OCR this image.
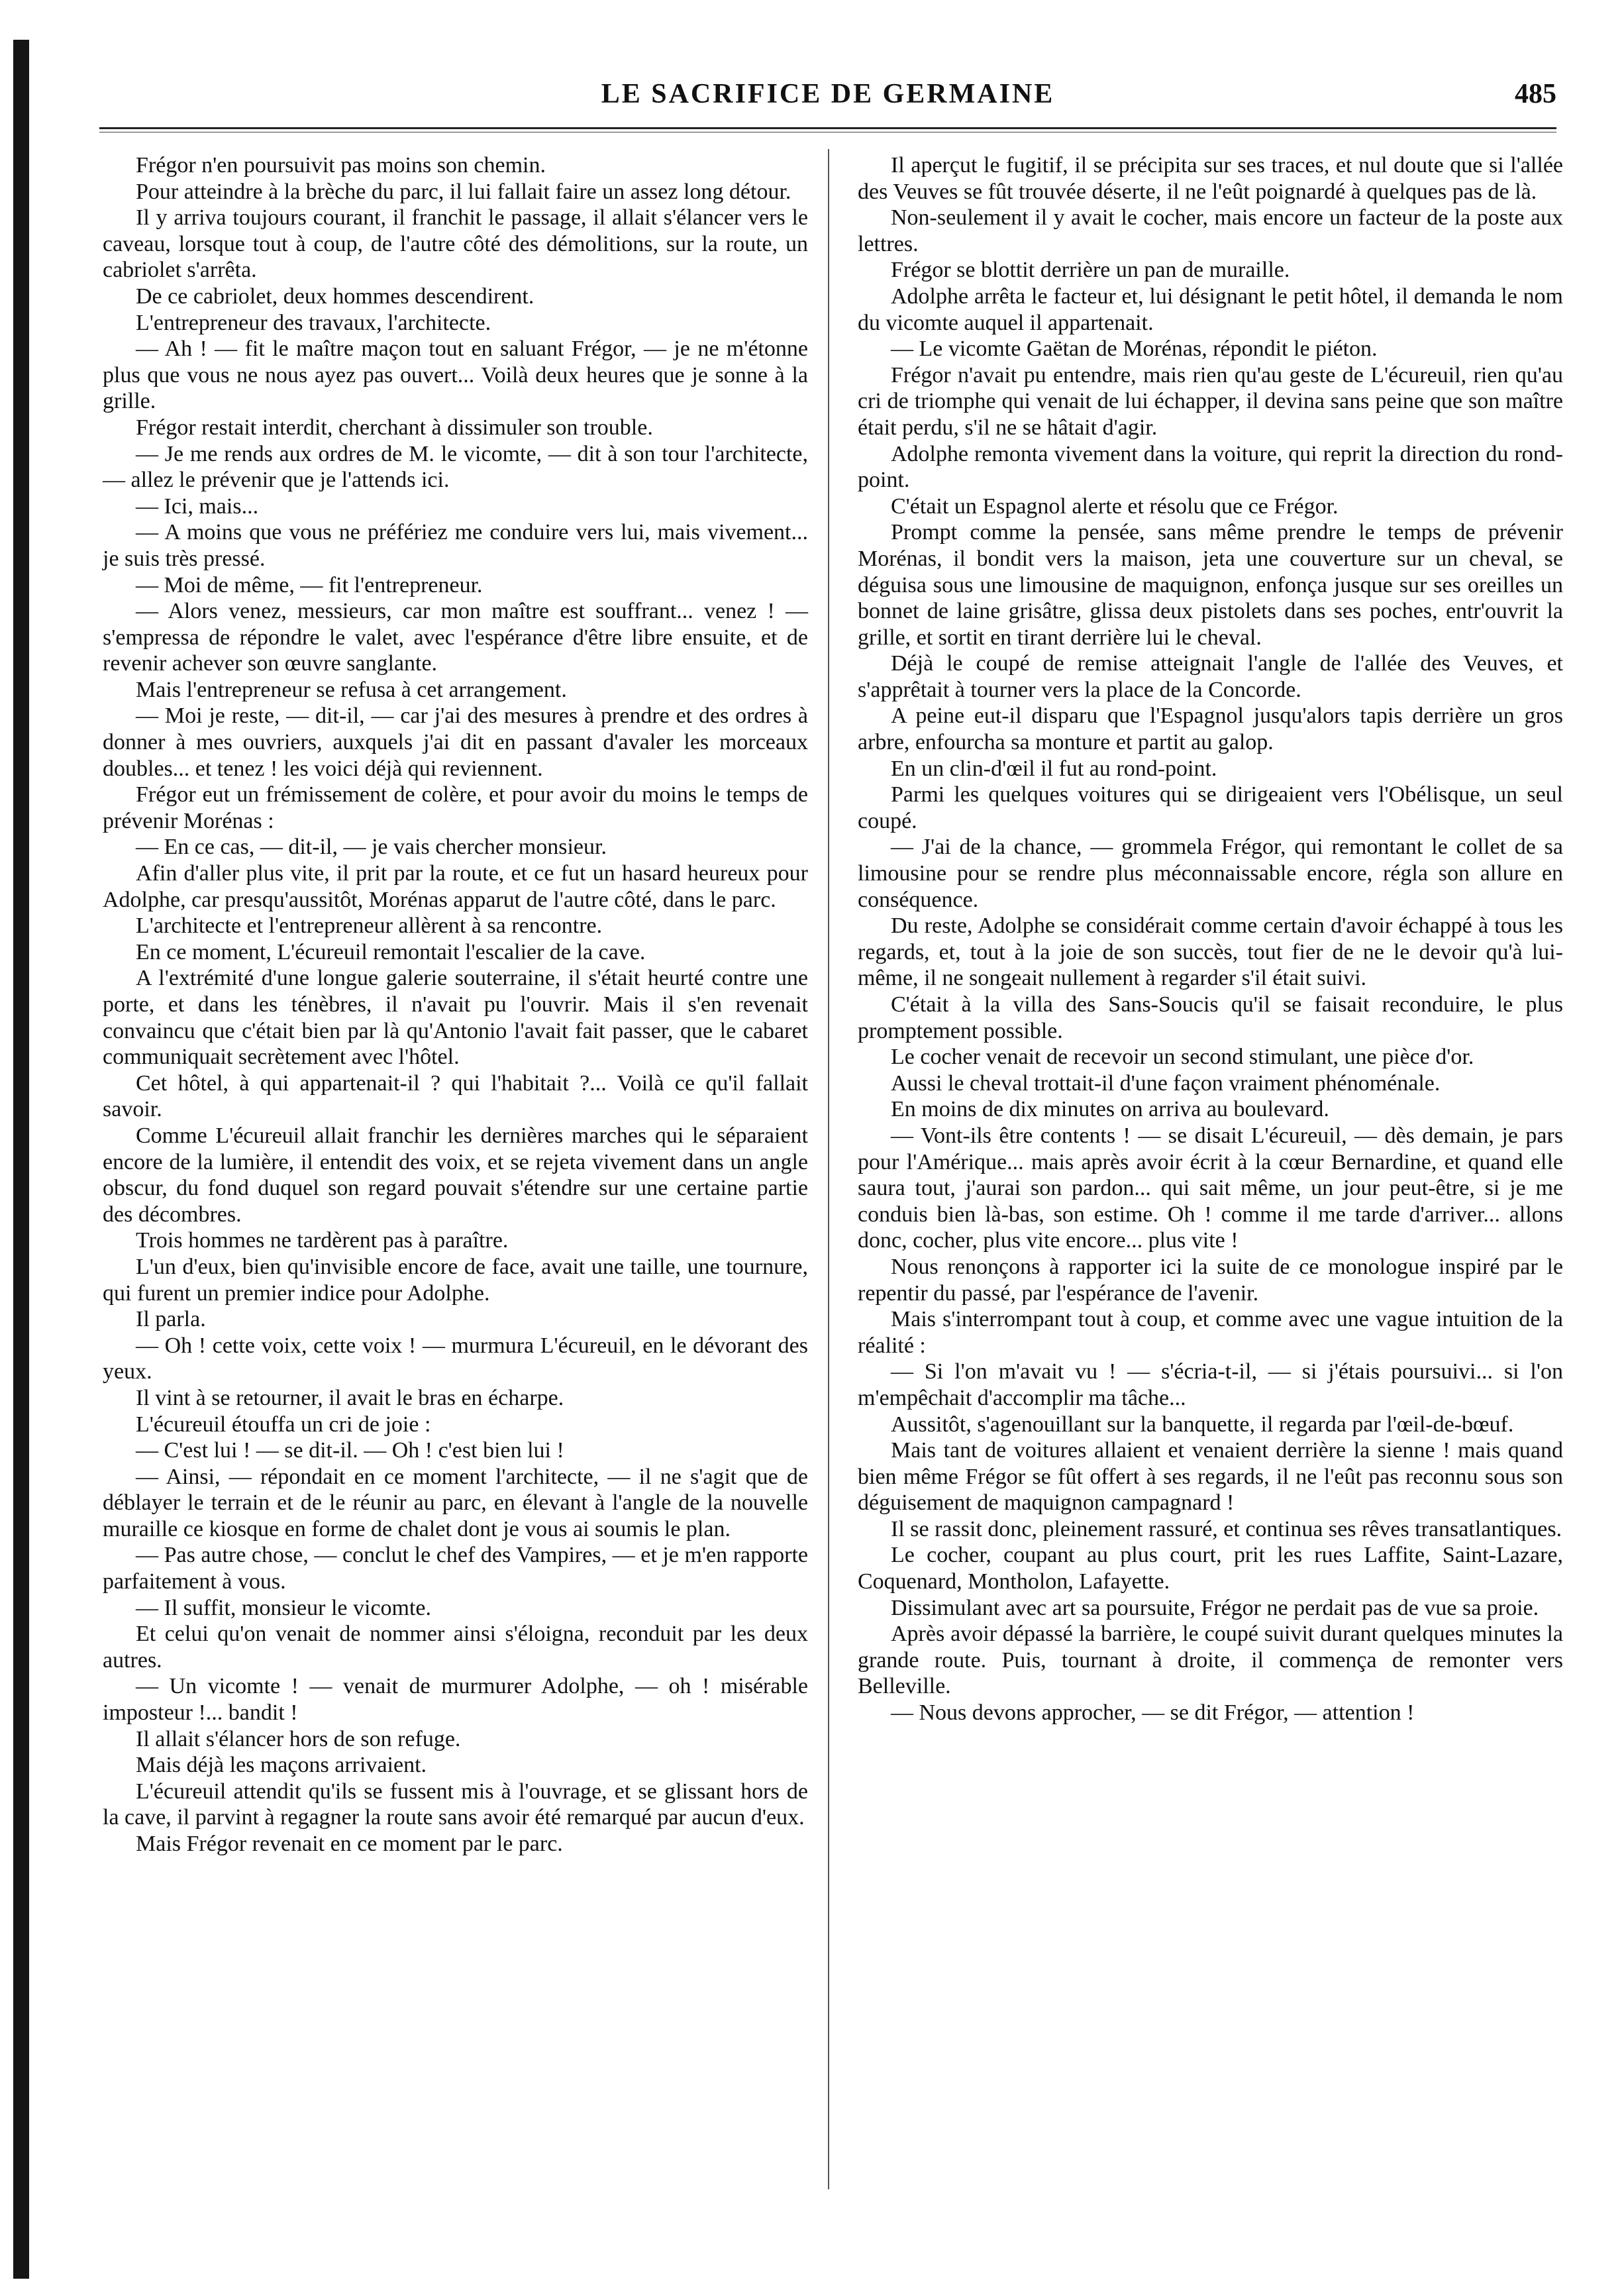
LE SACRIFICE DE GERMAINE	485

Frégor n'en poursuivit pas moins son chemin.

Pour atteindre à la brèche du parc, il lui fallait faire un assez long détour.

Il y arriva toujours courant, il franchit le passage, il allait s'élancer vers le caveau, lorsque tout à coup, de l'autre côté des démolitions, sur la route, un cabriolet s'arrêta.

De ce cabriolet, deux hommes descendirent.

L'entrepreneur des travaux, l'architecte.

— Ah ! — fit le maître maçon tout en saluant Frégor, — je ne m'étonne plus que vous ne nous ayez pas ouvert... Voilà deux heures que je sonne à la grille.

Frégor restait interdit, cherchant à dissimuler son trouble.

— Je me rends aux ordres de M. le vicomte, — dit à son tour l'architecte, — allez le prévenir que je l'attends ici.

— Ici, mais...

— A moins que vous ne préfériez me conduire vers lui, mais vivement... je suis très pressé.

— Moi de même, — fit l'entrepreneur.

— Alors venez, messieurs, car mon maître est souffrant... venez ! — s'empressa de répondre le valet, avec l'espérance d'être libre ensuite, et de revenir achever son œuvre sanglante.

Mais l'entrepreneur se refusa à cet arrangement.

— Moi je reste, — dit-il, — car j'ai des mesures à prendre et des ordres à donner à mes ouvriers, auxquels j'ai dit en passant d'avaler les morceaux doubles... et tenez ! les voici déjà qui reviennent.

Frégor eut un frémissement de colère, et pour avoir du moins le temps de prévenir Morénas :

— En ce cas, — dit-il, — je vais chercher monsieur.

Afin d'aller plus vite, il prit par la route, et ce fut un hasard heureux pour Adolphe, car presqu'aussitôt, Morénas apparut de l'autre côté, dans le parc.

L'architecte et l'entrepreneur allèrent à sa rencontre.

En ce moment, L'écureuil remontait l'escalier de la cave.

A l'extrémité d'une longue galerie souterraine, il s'était heurté contre une porte, et dans les ténèbres, il n'avait pu l'ouvrir. Mais il s'en revenait convaincu que c'était bien par là qu'Antonio l'avait fait passer, que le cabaret communiquait secrètement avec l'hôtel.

Cet hôtel, à qui appartenait-il ? qui l'habitait ?... Voilà ce qu'il fallait savoir.

Comme L'écureuil allait franchir les dernières marches qui le séparaient encore de la lumière, il entendit des voix, et se rejeta vivement dans un angle obscur, du fond duquel son regard pouvait s'étendre sur une certaine partie des décombres.

Trois hommes ne tardèrent pas à paraître.

L'un d'eux, bien qu'invisible encore de face, avait une taille, une tournure, qui furent un premier indice pour Adolphe.

Il parla.

— Oh ! cette voix, cette voix ! — murmura L'écureuil, en le dévorant des yeux.

Il vint à se retourner, il avait le bras en écharpe.

L'écureuil étouffa un cri de joie :

— C'est lui ! — se dit-il. — Oh ! c'est bien lui !

— Ainsi, — répondait en ce moment l'architecte, — il ne s'agit que de déblayer le terrain et de le réunir au parc, en élevant à l'angle de la nouvelle muraille ce kiosque en forme de chalet dont je vous ai soumis le plan.

— Pas autre chose, — conclut le chef des Vampires, — et je m'en rapporte parfaitement à vous.

— Il suffit, monsieur le vicomte.

Et celui qu'on venait de nommer ainsi s'éloigna, reconduit par les deux autres.

— Un vicomte ! — venait de murmurer Adolphe, — oh ! misérable imposteur !... bandit !

Il allait s'élancer hors de son refuge.

Mais déjà les maçons arrivaient.

L'écureuil attendit qu'ils se fussent mis à l'ouvrage, et se glissant hors de la cave, il parvint à regagner la route sans avoir été remarqué par aucun d'eux.

Mais Frégor revenait en ce moment par le parc.

Il aperçut le fugitif, il se précipita sur ses traces, et nul doute que si l'allée des Veuves se fût trouvée déserte, il ne l'eût poignardé à quelques pas de là.

Non-seulement il y avait le cocher, mais encore un facteur de la poste aux lettres.

Frégor se blottit derrière un pan de muraille.

Adolphe arrêta le facteur et, lui désignant le petit hôtel, il demanda le nom du vicomte auquel il appartenait.

— Le vicomte Gaëtan de Morénas, répondit le piéton.

Frégor n'avait pu entendre, mais rien qu'au geste de L'écureuil, rien qu'au cri de triomphe qui venait de lui échapper, il devina sans peine que son maître était perdu, s'il ne se hâtait d'agir.

Adolphe remonta vivement dans la voiture, qui reprit la direction du rond-point.

C'était un Espagnol alerte et résolu que ce Frégor.

Prompt comme la pensée, sans même prendre le temps de prévenir Morénas, il bondit vers la maison, jeta une couverture sur un cheval, se déguisa sous une limousine de maquignon, enfonça jusque sur ses oreilles un bonnet de laine grisâtre, glissa deux pistolets dans ses poches, entr'ouvrit la grille, et sortit en tirant derrière lui le cheval.

Déjà le coupé de remise atteignait l'angle de l'allée des Veuves, et s'apprêtait à tourner vers la place de la Concorde.

A peine eut-il disparu que l'Espagnol jusqu'alors tapis derrière un gros arbre, enfourcha sa monture et partit au galop.

En un clin-d'œil il fut au rond-point.

Parmi les quelques voitures qui se dirigeaient vers l'Obélisque, un seul coupé.

— J'ai de la chance, — grommela Frégor, qui remontant le collet de sa limousine pour se rendre plus méconnaissable encore, régla son allure en conséquence.

Du reste, Adolphe se considérait comme certain d'avoir échappé à tous les regards, et, tout à la joie de son succès, tout fier de ne le devoir qu'à lui-même, il ne songeait nullement à regarder s'il était suivi.

C'était à la villa des Sans-Soucis qu'il se faisait reconduire, le plus promptement possible.

Le cocher venait de recevoir un second stimulant, une pièce d'or.

Aussi le cheval trottait-il d'une façon vraiment phénoménale.

En moins de dix minutes on arriva au boulevard.

— Vont-ils être contents ! — se disait L'écureuil, — dès demain, je pars pour l'Amérique... mais après avoir écrit à la cœur Bernardine, et quand elle saura tout, j'aurai son pardon... qui sait même, un jour peut-être, si je me conduis bien là-bas, son estime. Oh ! comme il me tarde d'arriver... allons donc, cocher, plus vite encore... plus vite !

Nous renonçons à rapporter ici la suite de ce monologue inspiré par le repentir du passé, par l'espérance de l'avenir.

Mais s'interrompant tout à coup, et comme avec une vague intuition de la réalité :

— Si l'on m'avait vu ! — s'écria-t-il, — si j'étais poursuivi... si l'on m'empêchait d'accomplir ma tâche...

Aussitôt, s'agenouillant sur la banquette, il regarda par l'œil-de-bœuf.

Mais tant de voitures allaient et venaient derrière la sienne ! mais quand bien même Frégor se fût offert à ses regards, il ne l'eût pas reconnu sous son déguisement de maquignon campagnard !

Il se rassit donc, pleinement rassuré, et continua ses rêves transatlantiques.

Le cocher, coupant au plus court, prit les rues Laffite, Saint-Lazare, Coquenard, Montholon, Lafayette.

Dissimulant avec art sa poursuite, Frégor ne perdait pas de vue sa proie.

Après avoir dépassé la barrière, le coupé suivit durant quelques minutes la grande route. Puis, tournant à droite, il commença de remonter vers Belleville.

— Nous devons approcher, — se dit Frégor, — attention !
